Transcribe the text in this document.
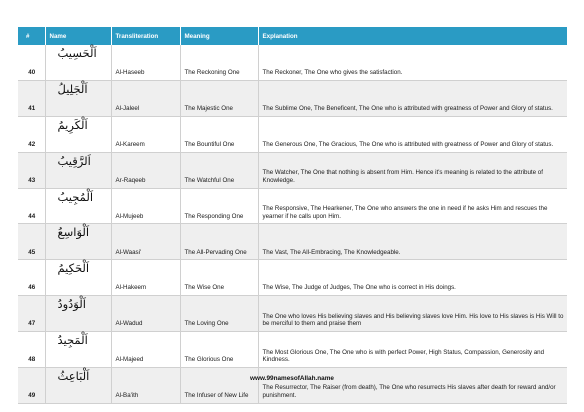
#	Name	Transliteration	Meaning	Explanation
40	اَلْحَسِيبُ	Al-Haseeb	The Reckoning One	The Reckoner, The One who gives the satisfaction.
41	اَلْجَلِيلُ	Al-Jaleel	The Majestic One	The Sublime One, The Beneficent, The One who is attributed with greatness of Power and Glory of status.
42	اَلْكَرِيمُ	Al-Kareem	The Bountiful One	The Generous One, The Gracious, The One who is attributed with greatness of Power and Glory of status.
43	اَلرَّقِيبُ	Ar-Raqeeb	The Watchful One	The Watcher, The One that nothing is absent from Him. Hence it's meaning is related to the attribute of Knowledge.
44	اَلْمُجِيبُ	Al-Mujeeb	The Responding One	The Responsive, The Hearkener, The One who answers the one in need if he asks Him and rescues the yearner if he calls upon Him.
45	اَلْوَاسِعُ	Al-Waasi'	The All-Pervading One	The Vast, The All-Embracing, The Knowledgeable.
46	اَلْحَكِيمُ	Al-Hakeem	The Wise One	The Wise, The Judge of Judges, The One who is correct in His doings.
47	اَلْوَدُودُ	Al-Wadud	The Loving One	The One who loves His believing slaves and His believing slaves love Him. His love to His slaves is His Will to be merciful to them and praise them
48	اَلْمَجِيدُ	Al-Majeed	The Glorious One	The Most Glorious One, The One who is with perfect Power, High Status, Compassion, Generosity and Kindness.
49	اَلْبَاعِثُ	Al-Ba'ith	The Infuser of New Life	The Resurrector, The Raiser (from death), The One who resurrects His slaves after death for reward and/or punishment.
www.99namesofAllah.name
